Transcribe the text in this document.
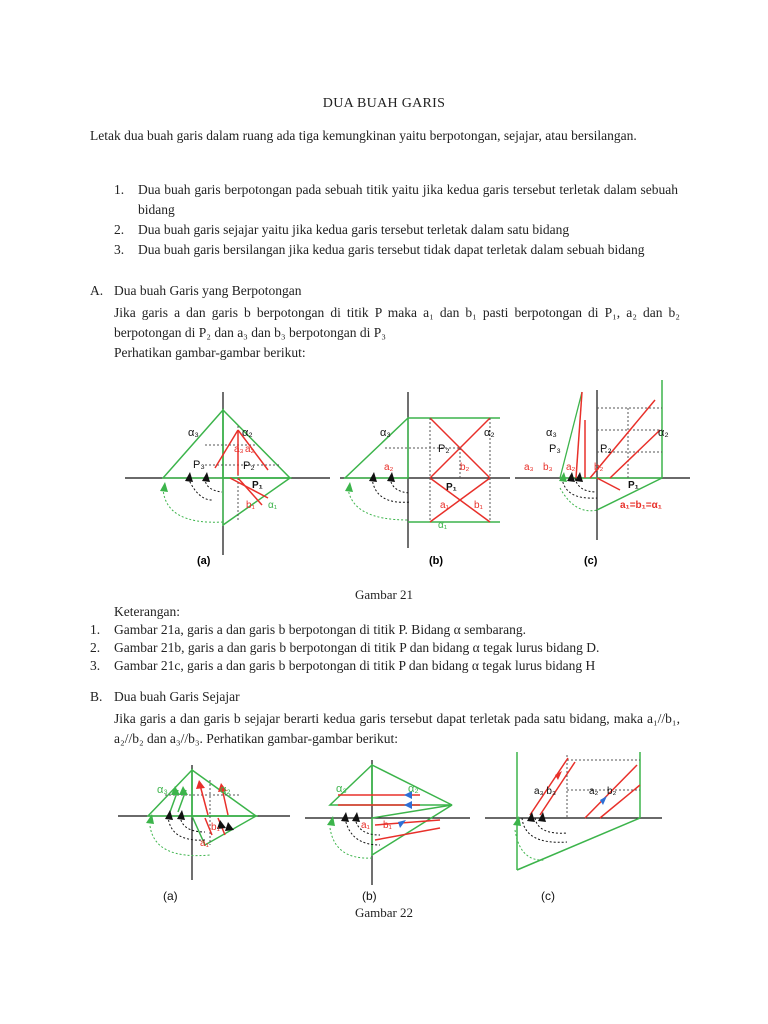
DUA BUAH GARIS
Letak dua buah garis dalam ruang ada tiga kemungkinan yaitu berpotongan, sejajar, atau bersilangan.
1.	Dua buah garis berpotongan pada sebuah titik yaitu jika kedua garis tersebut terletak dalam sebuah bidang
2.	Dua buah garis sejajar yaitu jika kedua garis tersebut terletak dalam satu bidang
3.	Dua buah garis bersilangan jika kedua garis tersebut tidak dapat terletak dalam sebuah bidang
A. Dua buah Garis yang Berpotongan
Jika garis a dan garis b berpotongan di titik P maka a₁ dan b₁ pasti berpotongan di P₁, a₂ dan b₂ berpotongan di P₂ dan a₃ dan b₃ berpotongan di P₃
Perhatikan gambar-gambar berikut:
α₃	α₂
a₃ a₂
P₃	P₂
P₁
b₁ α₁
(a)
α₃	α₂
a₂
P₂
b₂
P₁
a₁	b₁
α₁
(b)
α₃	α₂
P₃	P₂
a₃ b₃ a₂ b₂
P₁
a₁=b₁=α₁
(c)
Gambar 21
Keterangan:
1.	Gambar 21a, garis a dan garis b berpotongan di titik P. Bidang α sembarang.
2.	Gambar 21b, garis a dan garis b berpotongan di titik P dan bidang α tegak lurus bidang D.
3.	Gambar 21c, garis a dan garis b berpotongan di titik P dan bidang α tegak lurus bidang H
B. Dua buah Garis Sejajar
Jika garis a dan garis b sejajar berarti kedua garis tersebut dapat terletak pada satu bidang, maka a₁//b₁, a₂//b₂ dan a₃//b₃. Perhatikan gambar-gambar berikut:
α₃	α₂
b₁
a₁
(a)
α₃	α₂
a₁ b₁
(b)
a₃ b₃	a₂ b₂
(c)
Gambar 22
